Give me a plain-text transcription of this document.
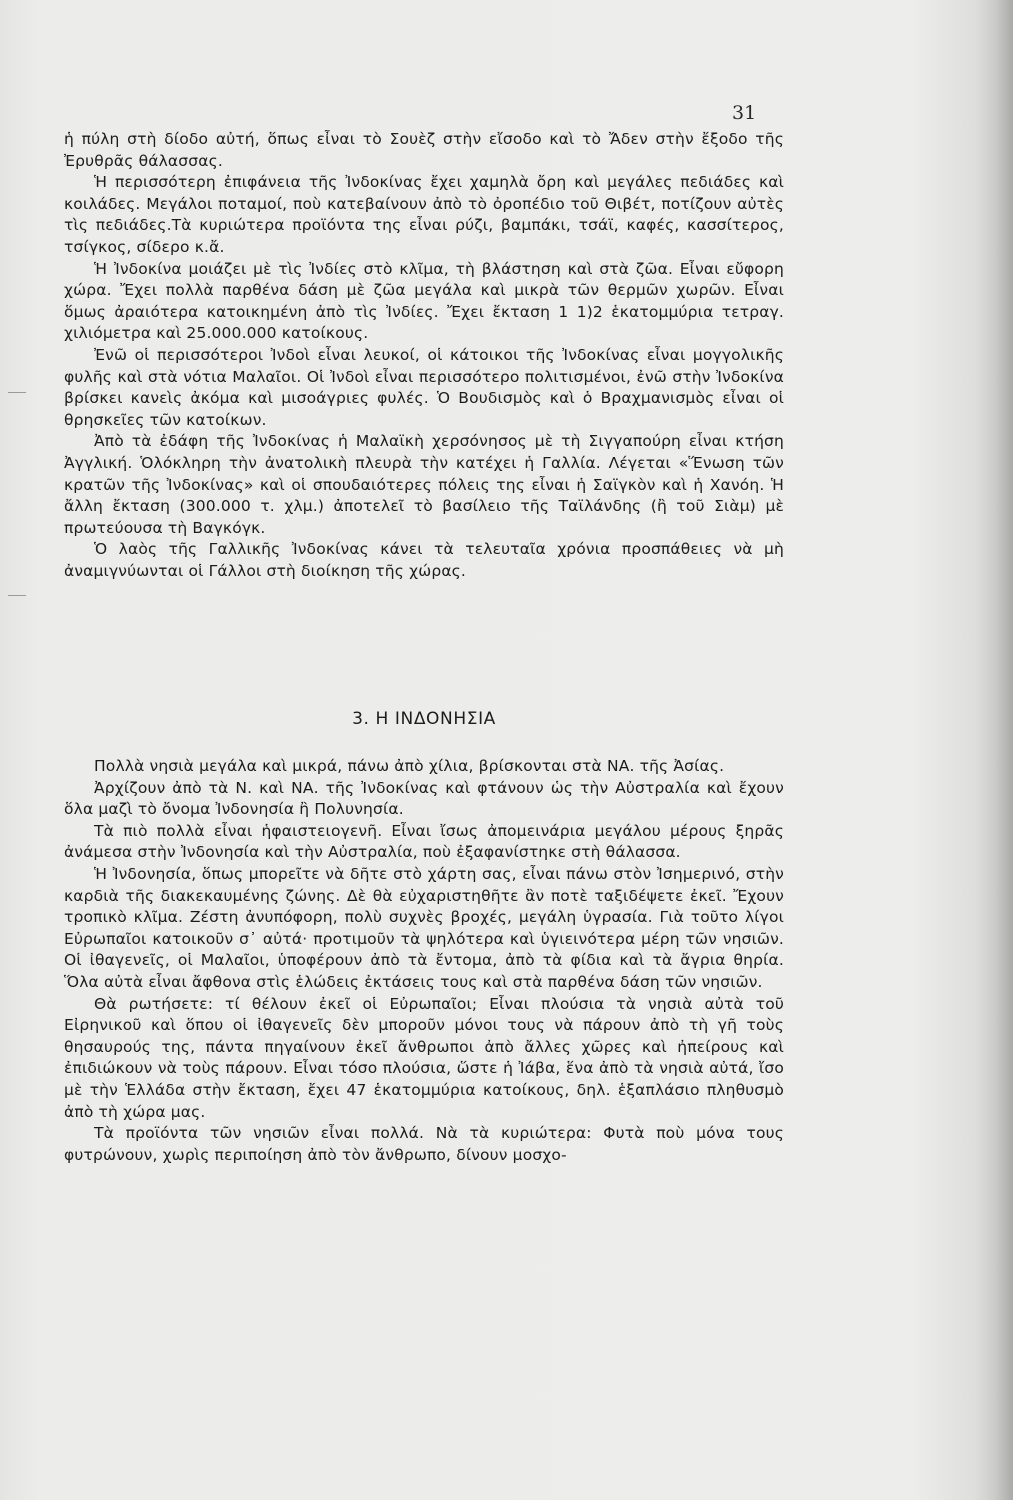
31

ἡ πύλη στὴ δίοδο αὐτή, ὅπως εἶναι τὸ Σουὲζ στὴν εἴσοδο καὶ τὸ Ἄδεν στὴν ἔξοδο τῆς Ἐρυθρᾶς θάλασσας.

Ἡ περισσότερη ἐπιφάνεια τῆς Ἰνδοκίνας ἔχει χαμηλὰ ὄρη καὶ μεγάλες πεδιάδες καὶ κοιλάδες. Μεγάλοι ποταμοί, ποὺ κατεβαίνουν ἀπὸ τὸ ὀροπέδιο τοῦ Θιβέτ, ποτίζουν αὐτὲς τὶς πεδιάδες.Τὰ κυριώτερα προϊόντα της εἶναι ρύζι, βαμπάκι, τσάϊ, καφές, κασσίτερος, τσίγκος, σίδερο κ.ἄ.

Ἡ Ἰνδοκίνα μοιάζει μὲ τὶς Ἰνδίες στὸ κλῖμα, τὴ βλάστηση καὶ στὰ ζῶα. Εἶναι εὔφορη χώρα. Ἔχει πολλὰ παρθένα δάση μὲ ζῶα μεγάλα καὶ μικρὰ τῶν θερμῶν χωρῶν. Εἶναι ὅμως ἀραιότερα κατοικημένη ἀπὸ τὶς Ἰνδίες. Ἔχει ἔκταση 1 1)2 ἑκατομμύρια τετραγ. χιλιόμετρα καὶ 25.000.000 κατοίκους.

Ἐνῶ οἱ περισσότεροι Ἰνδοὶ εἶναι λευκοί, οἱ κάτοικοι τῆς Ἰνδοκίνας εἶναι μογγολικῆς φυλῆς καὶ στὰ νότια Μαλαῖοι. Οἱ Ἰνδοὶ εἶναι περισσότερο πολιτισμένοι, ἐνῶ στὴν Ἰνδοκίνα βρίσκει κανεὶς ἀκόμα καὶ μισοάγριες φυλές. Ὁ Βουδισμὸς καὶ ὁ Βραχμανισμὸς εἶναι οἱ θρησκεῖες τῶν κατοίκων.

Ἀπὸ τὰ ἐδάφη τῆς Ἰνδοκίνας ἡ Μαλαϊκὴ χερσόνησος μὲ τὴ Σιγγαπούρη εἶναι κτήση Ἀγγλική. Ὁλόκληρη τὴν ἀνατολικὴ πλευρὰ τὴν κατέχει ἡ Γαλλία. Λέγεται «Ἕνωση τῶν κρατῶν τῆς Ἰνδοκίνας» καὶ οἱ σπουδαιότερες πόλεις της εἶναι ἡ Σαϊγκὸν καὶ ἡ Χανόη. Ἡ ἄλλη ἔκταση (300.000 τ. χλμ.) ἀποτελεῖ τὸ βασίλειο τῆς Ταϊλάνδης (ἢ τοῦ Σιὰμ) μὲ πρωτεύουσα τὴ Βαγκόγκ.

Ὁ λαὸς τῆς Γαλλικῆς Ἰνδοκίνας κάνει τὰ τελευταῖα χρόνια προσπάθειες νὰ μὴ ἀναμιγνύωνται οἱ Γάλλοι στὴ διοίκηση τῆς χώρας.

3. Η ΙΝΔΟΝΗΣΙΑ

Πολλὰ νησιὰ μεγάλα καὶ μικρά, πάνω ἀπὸ χίλια, βρίσκονται στὰ ΝΑ. τῆς Ἀσίας.

Ἀρχίζουν ἀπὸ τὰ Ν. καὶ ΝΑ. τῆς Ἰνδοκίνας καὶ φτάνουν ὡς τὴν Αὐστραλία καὶ ἔχουν ὅλα μαζὶ τὸ ὄνομα Ἰνδονησία ἢ Πολυνησία.

Τὰ πιὸ πολλὰ εἶναι ἡφαιστειογενῆ. Εἶναι ἴσως ἀπομεινάρια μεγάλου μέρους ξηρᾶς ἀνάμεσα στὴν Ἰνδονησία καὶ τὴν Αὐστραλία, ποὺ ἐξαφανίστηκε στὴ θάλασσα.

Ἡ Ἰνδονησία, ὅπως μπορεῖτε νὰ δῆτε στὸ χάρτη σας, εἶναι πάνω στὸν Ἰσημερινό, στὴν καρδιὰ τῆς διακεκαυμένης ζώνης. Δὲ θὰ εὐχαριστηθῆτε ἂν ποτὲ ταξιδέψετε ἐκεῖ. Ἔχουν τροπικὸ κλῖμα. Ζέστη ἀνυπόφορη, πολὺ συχνὲς βροχές, μεγάλη ὑγρασία. Γιὰ τοῦτο λίγοι Εὐρωπαῖοι κατοικοῦν σ᾽ αὐτά· προτιμοῦν τὰ ψηλότερα καὶ ὑγιεινότερα μέρη τῶν νησιῶν. Οἱ ἰθαγενεῖς, οἱ Μαλαῖοι, ὑποφέρουν ἀπὸ τὰ ἔντομα, ἀπὸ τὰ φίδια καὶ τὰ ἄγρια θηρία. Ὅλα αὐτὰ εἶναι ἄφθονα στὶς ἑλώδεις ἐκτάσεις τους καὶ στὰ παρθένα δάση τῶν νησιῶν.

Θὰ ρωτήσετε: τί θέλουν ἐκεῖ οἱ Εὐρωπαῖοι; Εἶναι πλούσια τὰ νησιὰ αὐτὰ τοῦ Εἰρηνικοῦ καὶ ὅπου οἱ ἰθαγενεῖς δὲν μποροῦν μόνοι τους νὰ πάρουν ἀπὸ τὴ γῆ τοὺς θησαυρούς της, πάντα πηγαίνουν ἐκεῖ ἄνθρωποι ἀπὸ ἄλλες χῶρες καὶ ἠπείρους καὶ ἐπιδιώκουν νὰ τοὺς πάρουν. Εἶναι τόσο πλούσια, ὥστε ἡ Ἰάβα, ἕνα ἀπὸ τὰ νησιὰ αὐτά, ἴσο μὲ τὴν Ἑλλάδα στὴν ἔκταση, ἔχει 47 ἑκατομμύρια κατοίκους, δηλ. ἑξαπλάσιο πληθυσμὸ ἀπὸ τὴ χώρα μας.

Τὰ προϊόντα τῶν νησιῶν εἶναι πολλά. Νὰ τὰ κυριώτερα: Φυτὰ ποὺ μόνα τους φυτρώνουν, χωρὶς περιποίηση ἀπὸ τὸν ἄνθρωπο, δίνουν μοσχο-
